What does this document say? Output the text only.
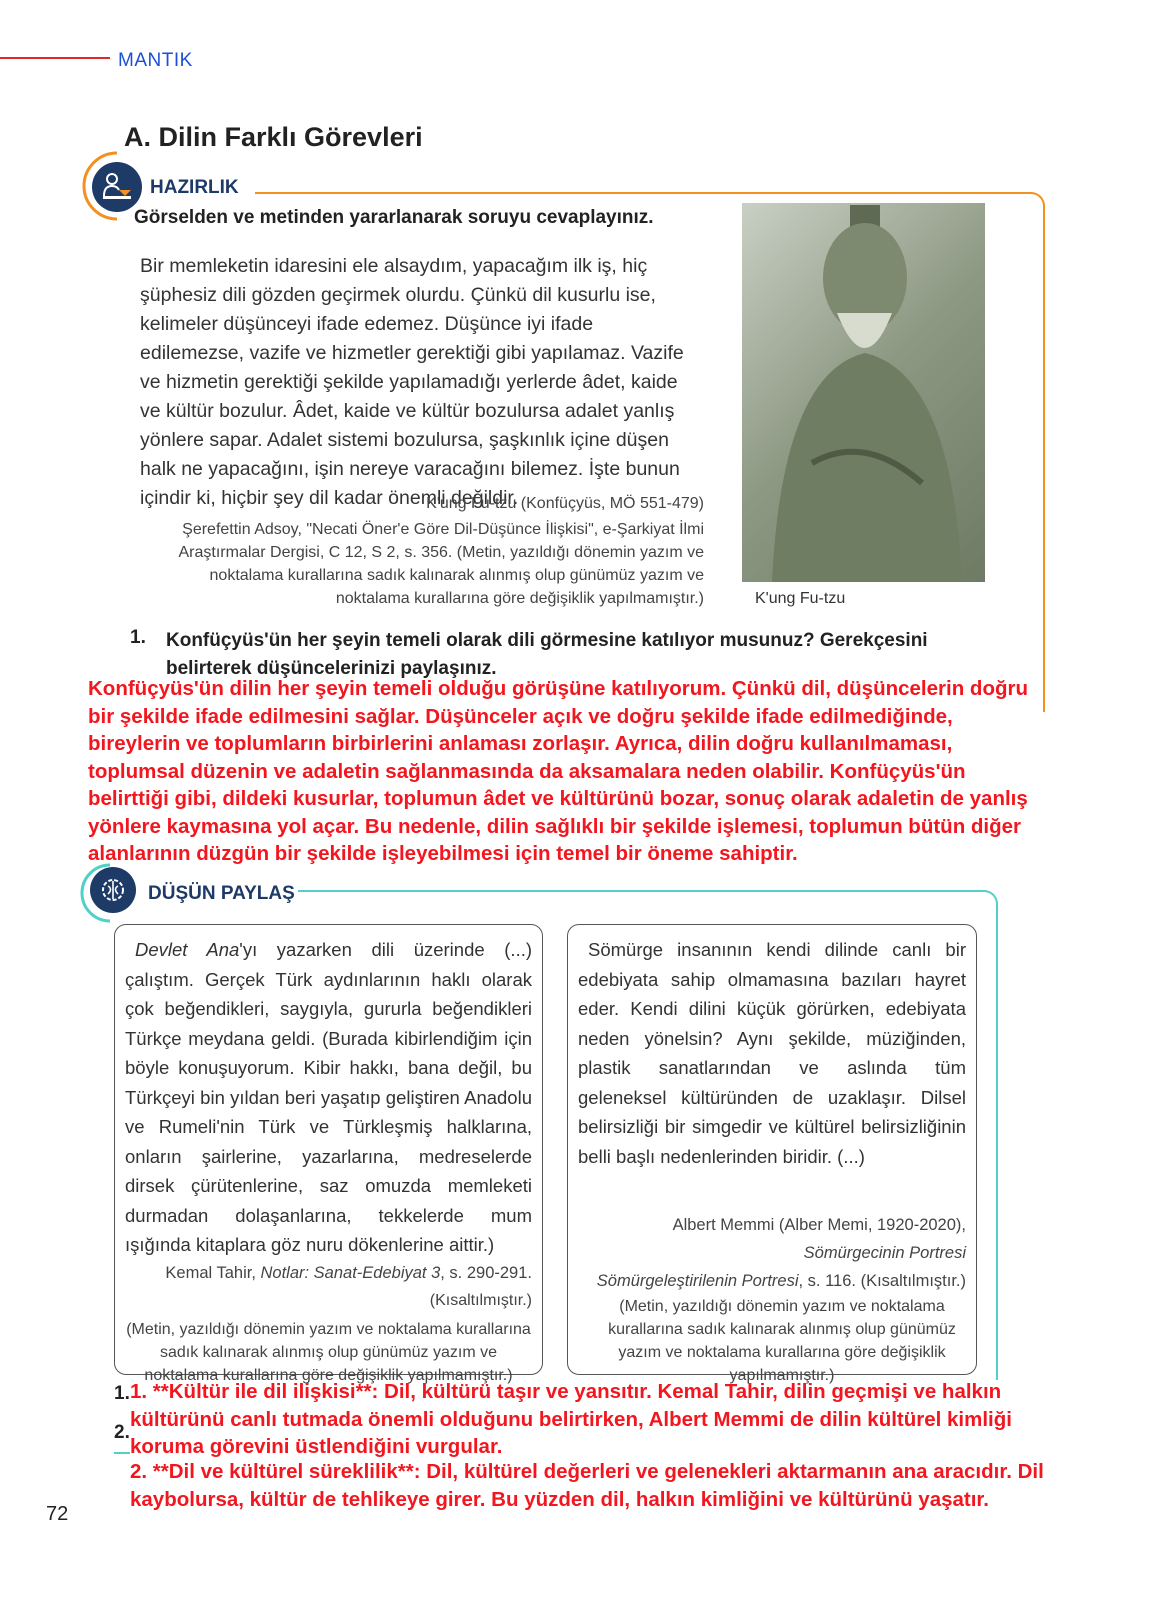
MANTIK
A. Dilin Farklı Görevleri
HAZIRLIK
Görselden ve metinden yararlanarak soruyu cevaplayınız.
Bir memleketin idaresini ele alsaydım, yapacağım ilk iş, hiç şüphesiz dili gözden geçirmek olurdu. Çünkü dil kusurlu ise, kelimeler düşünceyi ifade edemez. Düşünce iyi ifade edilemezse, vazife ve hizmetler gerektiği gibi yapılamaz. Vazife ve hizmetin gerektiği şekilde yapılamadığı yerlerde âdet, kaide ve kültür bozulur. Âdet, kaide ve kültür bozulursa adalet yanlış yönlere sapar. Adalet sistemi bozulursa, şaşkınlık içine düşen halk ne yapacağını, işin nereye varacağını bilemez. İşte bunun içindir ki, hiçbir şey dil kadar önemli değildir.
K'ung Fu-tzu (Konfüçyüs, MÖ 551-479)
Şerefettin Adsoy, "Necati Öner'e Göre Dil-Düşünce İlişkisi", e-Şarkiyat İlmi Araştırmalar Dergisi, C 12, S 2, s. 356. (Metin, yazıldığı dönemin yazım ve noktalama kurallarına sadık kalınarak alınmış olup günümüz yazım ve noktalama kurallarına göre değişiklik yapılmamıştır.)	K'ung Fu-tzu
1. Konfüçyüs'ün her şeyin temeli olarak dili görmesine katılıyor musunuz? Gerekçesini belirterek düşüncelerinizi paylaşınız.
Konfüçyüs'ün dilin her şeyin temeli olduğu görüşüne katılıyorum. Çünkü dil, düşüncelerin doğru bir şekilde ifade edilmesini sağlar. Düşünceler açık ve doğru şekilde ifade edilmediğinde, bireylerin ve toplumların birbirlerini anlaması zorlaşır. Ayrıca, dilin doğru kullanılmaması, toplumsal düzenin ve adaletin sağlanmasında da aksamalara neden olabilir. Konfüçyüs'ün belirttiği gibi, dildeki kusurlar, toplumun âdet ve kültürünü bozar, sonuç olarak adaletin de yanlış yönlere kaymasına yol açar. Bu nedenle, dilin sağlıklı bir şekilde işlemesi, toplumun bütün diğer alanlarının düzgün bir şekilde işleyebilmesi için temel bir öneme sahiptir.
DÜŞÜN PAYLAŞ
Devlet Ana'yı yazarken dili üzerinde (...) çalıştım. Gerçek Türk aydınlarının haklı olarak çok beğendikleri, saygıyla, gururla beğendikleri Türkçe meydana geldi. (Burada kibirlendiğim için böyle konuşuyorum. Kibir hakkı, bana değil, bu Türkçeyi bin yıldan beri yaşatıp geliştiren Anadolu ve Rumeli'nin Türk ve Türkleşmiş halklarına, onların şairlerine, yazarlarına, medreselerde dirsek çürütenlerine, saz omuzda memleketi durmadan dolaşanlarına, tekkelerde mum ışığında kitaplara göz nuru dökenlerine aittir.)
Kemal Tahir, Notlar: Sanat-Edebiyat 3, s. 290-291.
(Kısaltılmıştır.)
(Metin, yazıldığı dönemin yazım ve noktalama kurallarına sadık kalınarak alınmış olup günümüz yazım ve noktalama kurallarına göre değişiklik yapılmamıştır.)
Sömürge insanının kendi dilinde canlı bir edebiyata sahip olmamasına bazıları hayret eder. Kendi dilini küçük görürken, edebiyata neden yönelsin? Aynı şekilde, müziğinden, plastik sanatlarından ve aslında tüm geleneksel kültüründen de uzaklaşır. Dilsel belirsizliği bir simgedir ve kültürel belirsizliğinin belli başlı nedenlerinden biridir. (...)
Albert Memmi (Alber Memi, 1920-2020),
Sömürgecinin Portresi
Sömürgeleştirilenin Portresi, s. 116. (Kısaltılmıştır.)
(Metin, yazıldığı dönemin yazım ve noktalama kurallarına sadık kalınarak alınmış olup günümüz yazım ve noktalama kurallarına göre değişiklik yapılmamıştır.)
1.
2.
1. **Kültür ile dil ilişkisi**: Dil, kültürü taşır ve yansıtır. Kemal Tahir, dilin geçmişi ve halkın kültürünü canlı tutmada önemli olduğunu belirtirken, Albert Memmi de dilin kültürel kimliği koruma görevini üstlendiğini vurgular.
2. **Dil ve kültürel süreklilik**: Dil, kültürel değerleri ve gelenekleri aktarmanın ana aracıdır. Dil kaybolursa, kültür de tehlikeye girer. Bu yüzden dil, halkın kimliğini ve kültürünü yaşatır.
72
